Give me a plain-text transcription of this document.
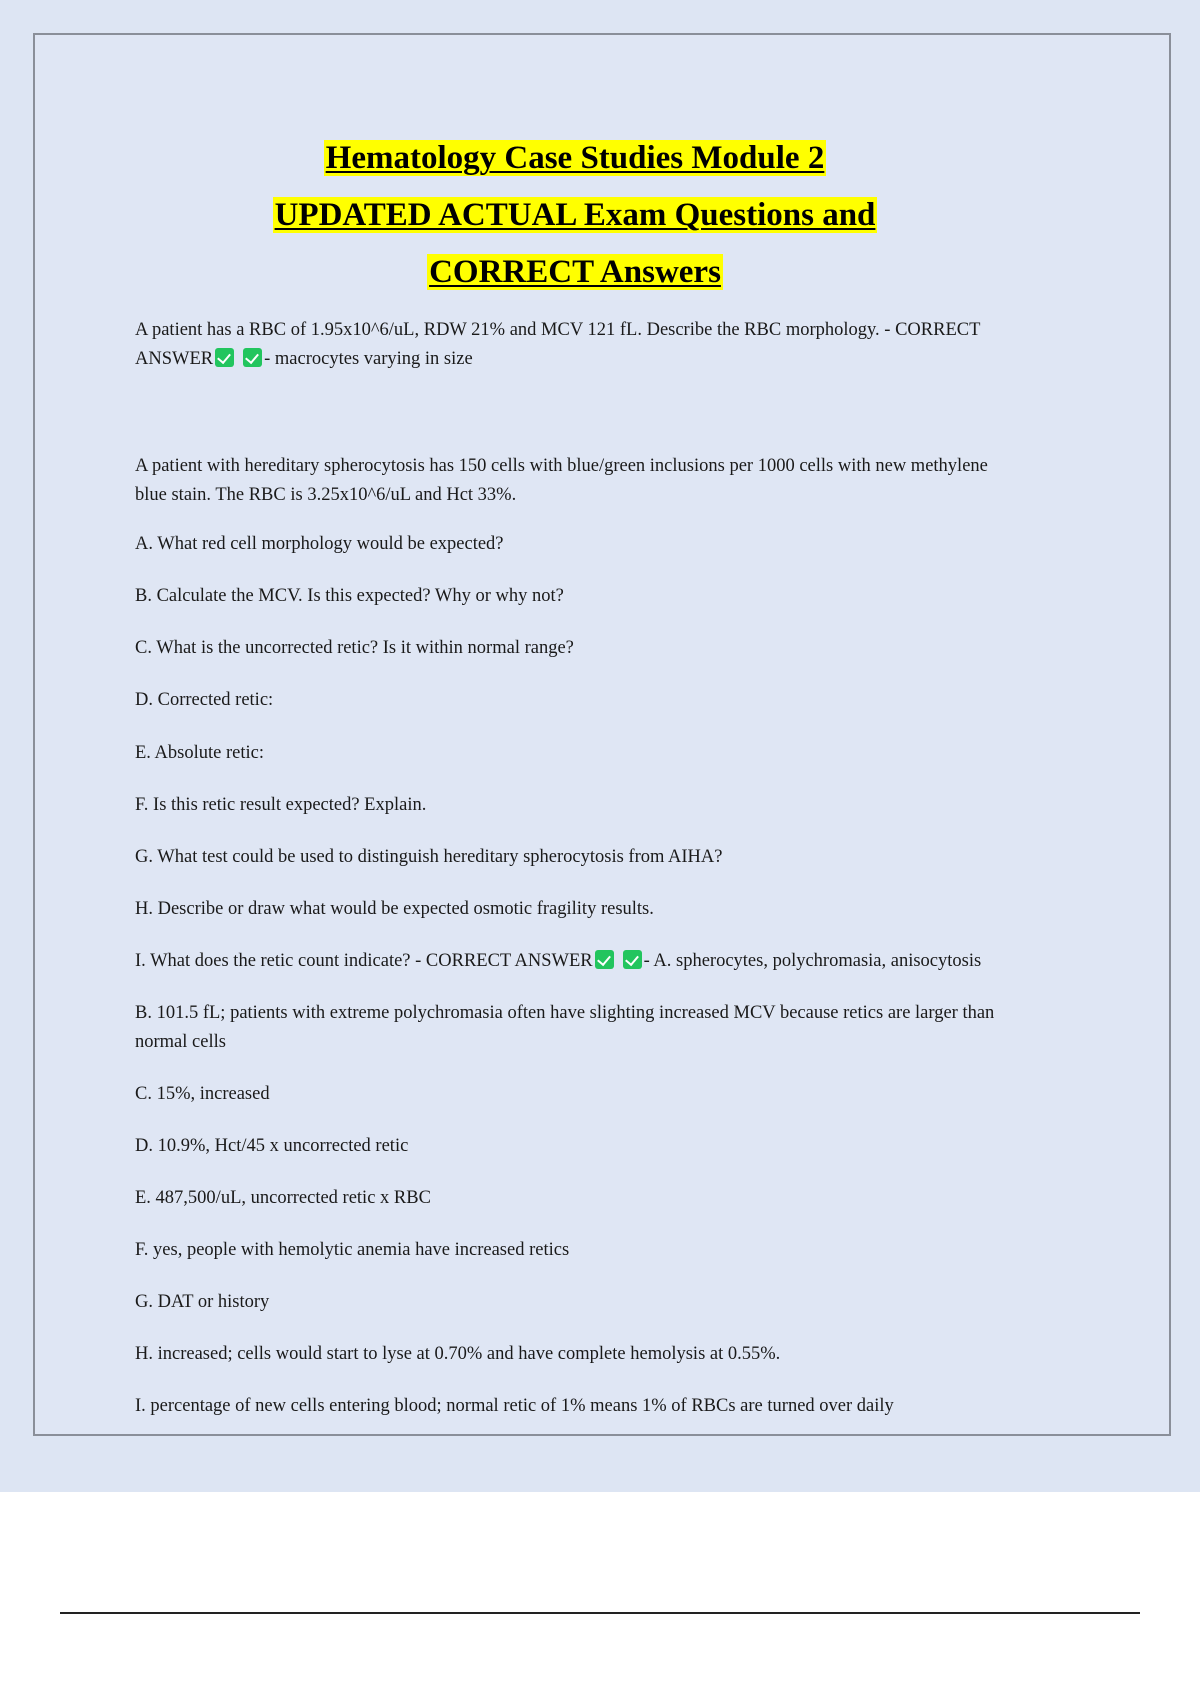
Hematology Case Studies Module 2
UPDATED ACTUAL Exam Questions and
CORRECT Answers

A patient has a RBC of 1.95x10^6/uL, RDW 21% and MCV 121 fL. Describe the RBC morphology. - CORRECT ANSWER	- macrocytes varying in size

A patient with hereditary spherocytosis has 150 cells with blue/green inclusions per 1000 cells with new methylene blue stain. The RBC is 3.25x10^6/uL and Hct 33%.

A. What red cell morphology would be expected?

B. Calculate the MCV. Is this expected? Why or why not?

C. What is the uncorrected retic? Is it within normal range?

D. Corrected retic:

E. Absolute retic:

F. Is this retic result expected? Explain.

G. What test could be used to distinguish hereditary spherocytosis from AIHA?

H. Describe or draw what would be expected osmotic fragility results.

I. What does the retic count indicate? - CORRECT ANSWER	- A. spherocytes, polychromasia, anisocytosis

B. 101.5 fL; patients with extreme polychromasia often have slighting increased MCV because retics are larger than normal cells

C. 15%, increased

D. 10.9%, Hct/45 x uncorrected retic

E. 487,500/uL, uncorrected retic x RBC

F. yes, people with hemolytic anemia have increased retics

G. DAT or history

H. increased; cells would start to lyse at 0.70% and have complete hemolysis at 0.55%.

I. percentage of new cells entering blood; normal retic of 1% means 1% of RBCs are turned over daily
